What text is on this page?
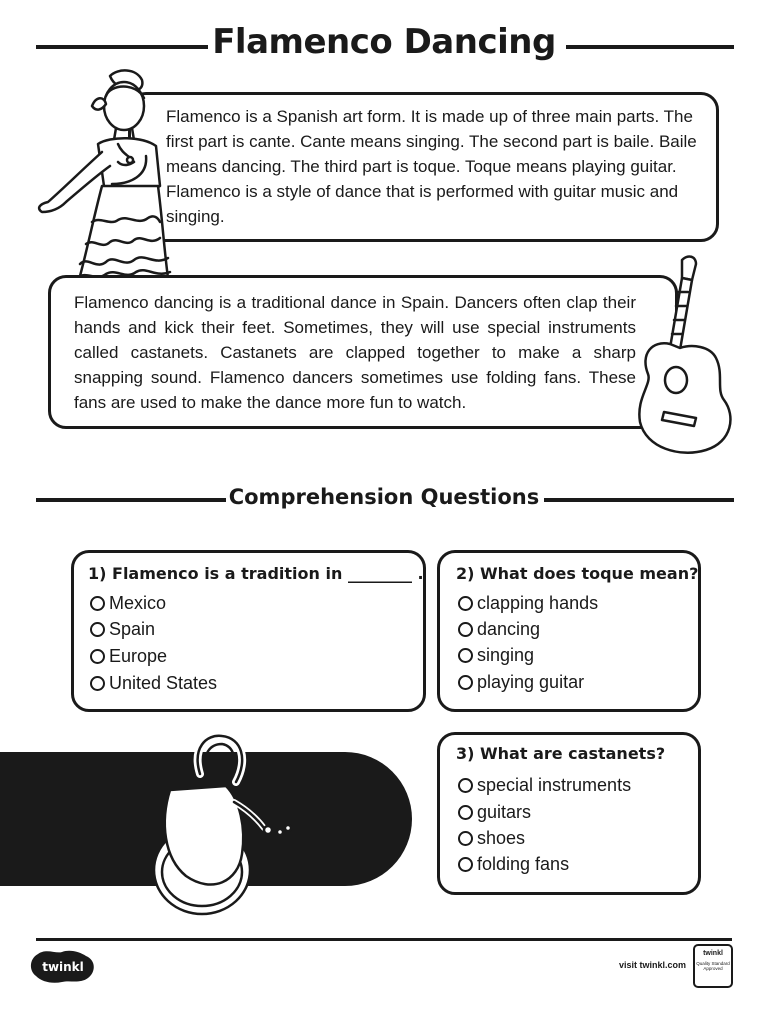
Flamenco Dancing
Flamenco is a Spanish art form. It is made up of three main parts. The first part is cante. Cante means singing. The second part is baile. Baile means dancing. The third part is toque. Toque means playing guitar. Flamenco is a style of dance that is performed with guitar music and singing.
Flamenco dancing is a traditional dance in Spain. Dancers often clap their hands and kick their feet. Sometimes, they will use special instruments called castanets. Castanets are clapped together to make a sharp snapping sound. Flamenco dancers sometimes use folding fans. These fans are used to make the dance more fun to watch.
Comprehension Questions
1) Flamenco is a tradition in ________ .
Mexico
Spain
Europe
United States
2) What does toque mean?
clapping hands
dancing
singing
playing guitar
3) What are castanets?
special instruments
guitars
shoes
folding fans
twinkl	visit twinkl.com
twinkl
Quality Standard Approved
